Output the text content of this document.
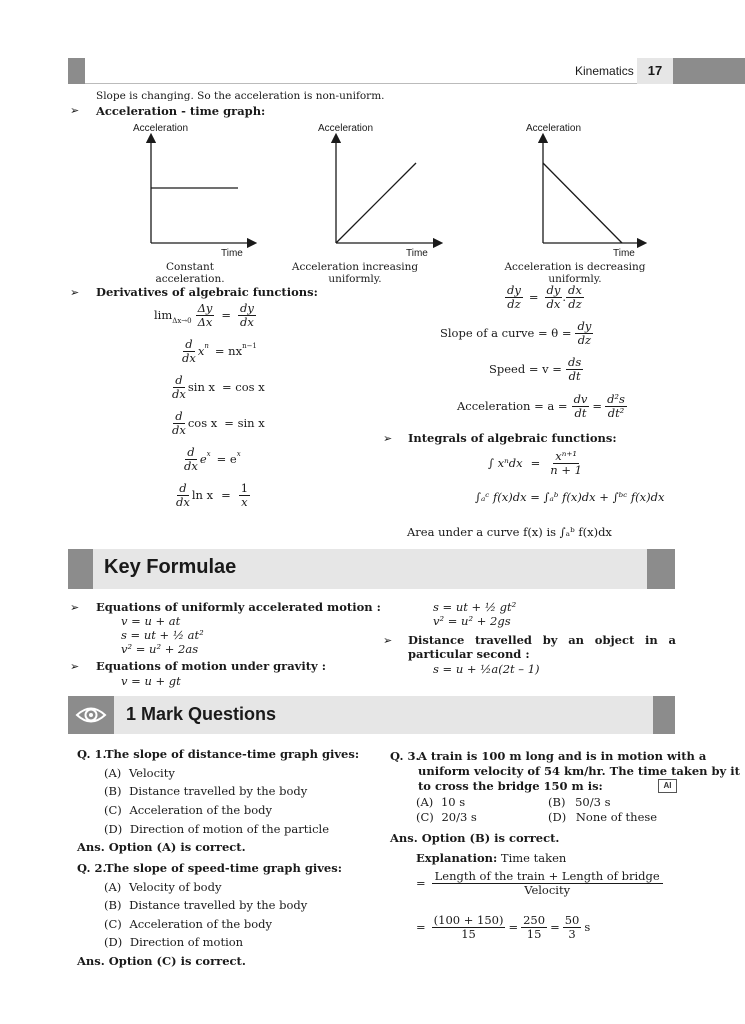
Kinematics	17
Slope is changing. So the acceleration is non-uniform.
➢ Acceleration - time graph:
Acceleration	Acceleration	Acceleration
Time	Time	Time
Constant acceleration.
Acceleration increasing uniformly.
Acceleration is decreasing uniformly.
➢ Derivatives of algebraic functions:
$\lim \Delta x\to 0 \frac{\Delta y}{\Delta x} = \frac{dy}{dx}$
$\frac{d}{dx}$ x n = nx n−1
$\frac{d}{dx}$ sin x = cos x
$\frac{d}{dx}$ cos x = sin x
$\frac{d}{dx}$ e x = e x
$\frac{d}{dx}$ $\ln x = \frac{1}{x}$
$\frac{dy}{dz} = \frac{dy}{dx}$ . $\frac{dx}{dz}$
Slope of a curve = $\theta = \frac{dy}{dz}$
Speed = $v = \frac{ds}{dt}$
Acceleration = $a = \frac{dv}{dt} = \frac{\text{d²s}}{\text{dt²}}$
➢ Integrals of algebraic functions:
∫ $x^ndx = \frac{\text{xⁿ⁺¹}}{n + 1}$
∫ₐᶜ f(x)dx = ∫ₐᵇ f(x)dx + ∫ᵇᶜ f(x)dx
Area under a curve f(x) is ∫ₐᵇ f(x)dx
Key Formulae
➢ Equations of uniformly accelerated motion :
v = u + at
s = ut + ½ at²
v² = u² + 2as
➢ Equations of motion under gravity :
v = u + gt
s = ut + ½ gt²
v² = u² + 2gs
➢ Distance travelled by an object in a particular second :
s = u + ½a(2t – 1)
1 Mark Questions
Q. 1.
The slope of distance-time graph gives:
(A) Velocity
(B) Distance travelled by the body
(C) Acceleration of the body
(D) Direction of motion of the particle
Ans. Option (A) is correct.
Q. 2.
The slope of speed-time graph gives:
(A) Velocity of body
(B) Distance travelled by the body
(C) Acceleration of the body
(D) Direction of motion
Ans. Option (C) is correct.
Q. 3.
A train is 100 m long and is in motion with a
uniform velocity of 54 km/hr. The time taken by it
to cross the bridge 150 m is:	AI
(A) 10 s	(B) 50/3 s
(C) 20/3 s	(D) None of these
Ans. Option (B) is correct.
Explanation: Time taken
= $\frac{\text{Length of the train + Length of bridge}}{\text{Velocity}}$
= $\frac{(100 + 150)}{15} = \frac{250}{15} = \frac{50}{3}$ s
